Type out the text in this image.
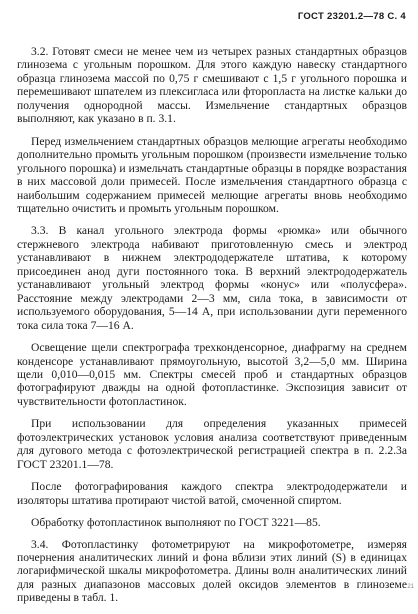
ГОСТ 23201.2—78 С. 4

3.2. Готовят смеси не менее чем из четырех разных стандартных образцов глинозема с угольным порошком. Для этого каждую навеску стандартного образца глинозема массой по 0,75 г смешивают с 1,5 г угольного порошка и перемешивают шпателем из плексигласа или фторопласта на листке кальки до получения однородной массы. Измельчение стандартных образцов выполняют, как указано в п. 3.1.

Перед измельчением стандартных образцов мелющие агрегаты необходимо дополнительно промыть угольным порошком (произвести измельчение только угольного порошка) и измельчать стандартные образцы в порядке возрастания в них массовой доли примесей. После измельчения стандартного образца с наибольшим содержанием примесей мелющие агрегаты вновь необходимо тщательно очистить и промыть угольным порошком.

3.3. В канал угольного электрода формы «рюмка» или обычного стержневого электрода набивают приготовленную смесь и электрод устанавливают в нижнем электрододержателе штатива, к которому присоединен анод дуги постоянного тока. В верхний электрододержатель устанавливают угольный электрод формы «конус» или «полусфера». Расстояние между электродами 2—3 мм, сила тока, в зависимости от используемого оборудования, 5—14 А, при использовании дуги переменного тока сила тока 7—16 А.

Освещение щели спектрографа трехконденсорное, диафрагму на среднем конденсоре устанавливают прямоугольную, высотой 3,2—5,0 мм. Ширина щели 0,010—0,015 мм. Спектры смесей проб и стандартных образцов фотографируют дважды на одной фотопластинке. Экспозиция зависит от чувствительности фотопластинок.

При использовании для определения указанных примесей фотоэлектрических установок условия анализа соответствуют приведенным для дугового метода с фотоэлектрической регистрацией спектра в п. 2.2.3а ГОСТ 23201.1—78.

После фотографирования каждого спектра электрододержатели и изоляторы штатива протирают чистой ватой, смоченной спиртом.

Обработку фотопластинок выполняют по ГОСТ 3221—85.

3.4. Фотопластинку фотометрируют на микрофотометре, измеряя почернения аналитических линий и фона вблизи этих линий (S) в единицах логарифмической шкалы микрофотометра. Длины волн аналитических линий для разных диапазонов массовых долей оксидов элементов в глиноземе приведены в табл. 1.

21
